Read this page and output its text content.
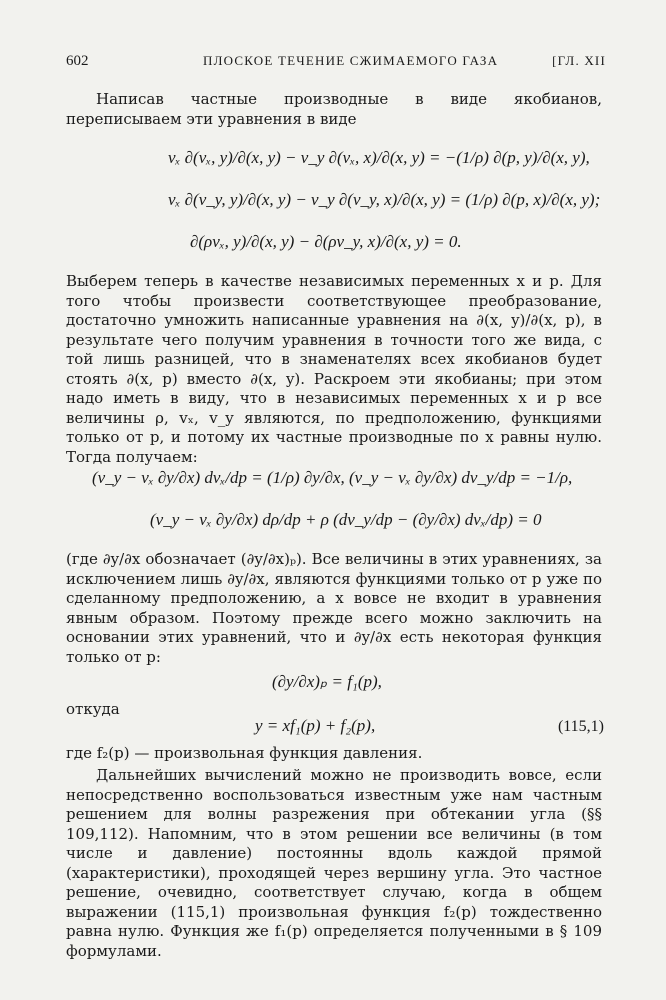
602	ПЛОСКОЕ ТЕЧЕНИЕ СЖИМАЕМОГО ГАЗА	[ГЛ. XII

Написав частные производные в виде якобианов, переписываем эти уравнения в виде

vₓ ∂(vₓ, y)/∂(x, y) − v_y ∂(vₓ, x)/∂(x, y) = −(1/ρ) ∂(p, y)/∂(x, y),
vₓ ∂(v_y, y)/∂(x, y) − v_y ∂(v_y, x)/∂(x, y) = (1/ρ) ∂(p, x)/∂(x, y);
∂(ρvₓ, y)/∂(x, y) − ∂(ρv_y, x)/∂(x, y) = 0.

Выберем теперь в качестве независимых переменных x и p. Для того чтобы произвести соответствующее преобразование, достаточно умножить написанные уравнения на ∂(x, y)/∂(x, p), в результате чего получим уравнения в точности того же вида, с той лишь разницей, что в знаменателях всех якобианов будет стоять ∂(x, p) вместо ∂(x, y). Раскроем эти якобианы; при этом надо иметь в виду, что в независимых переменных x и p все величины ρ, vₓ, v_y являются, по предположению, функциями только от p, и потому их частные производные по x равны нулю. Тогда получаем:

(v_y − vₓ ∂y/∂x) dvₓ/dp = (1/ρ) ∂y/∂x, (v_y − vₓ ∂y/∂x) dv_y/dp = −1/ρ,
(v_y − vₓ ∂y/∂x) dρ/dp + ρ (dv_y/dp − (∂y/∂x) dvₓ/dp) = 0

(где ∂y/∂x обозначает (∂y/∂x)ₚ). Все величины в этих уравнениях, за исключением лишь ∂y/∂x, являются функциями только от p уже по сделанному предположению, а x вовсе не входит в уравнения явным образом. Поэтому прежде всего можно заключить на основании этих уравнений, что и ∂y/∂x есть некоторая функция только от p:

(∂y/∂x)ₚ = f₁(p),
откуда
y = xf₁(p) + f₂(p),	(115,1)
где f₂(p) — произвольная функция давления.

Дальнейших вычислений можно не производить вовсе, если непосредственно воспользоваться известным уже нам частным решением для волны разрежения при обтекании угла (§§ 109,112). Напомним, что в этом решении все величины (в том числе и давление) постоянны вдоль каждой прямой (характеристики), проходящей через вершину угла. Это частное решение, очевидно, соответствует случаю, когда в общем выражении (115,1) произвольная функция f₂(p) тождественно равна нулю. Функция же f₁(p) определяется полученными в § 109 формулами.
